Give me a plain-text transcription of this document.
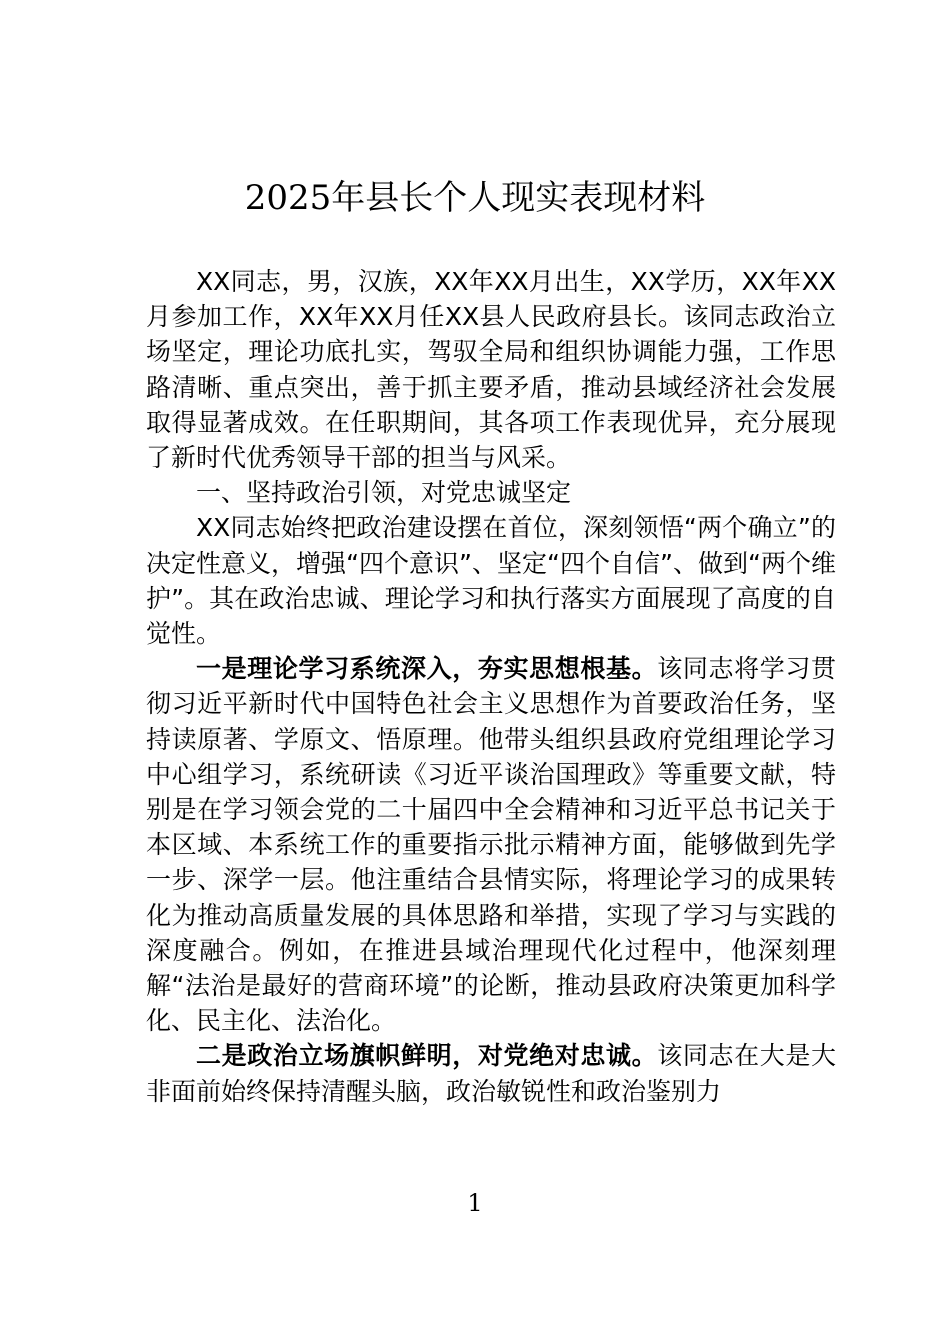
2025年县长个人现实表现材料

XX同志，男，汉族，XX年XX月出生，XX学历，XX年XX月参加工作，XX年XX月任XX县人民政府县长。该同志政治立场坚定，理论功底扎实，驾驭全局和组织协调能力强，工作思路清晰、重点突出，善于抓主要矛盾，推动县域经济社会发展取得显著成效。在任职期间，其各项工作表现优异，充分展现了新时代优秀领导干部的担当与风采。

一、坚持政治引领，对党忠诚坚定

XX同志始终把政治建设摆在首位，深刻领悟“两个确立”的决定性意义，增强“四个意识”、坚定“四个自信”、做到“两个维护”。其在政治忠诚、理论学习和执行落实方面展现了高度的自觉性。

一是理论学习系统深入，夯实思想根基。该同志将学习贯彻习近平新时代中国特色社会主义思想作为首要政治任务，坚持读原著、学原文、悟原理。他带头组织县政府党组理论学习中心组学习，系统研读《习近平谈治国理政》等重要文献，特别是在学习领会党的二十届四中全会精神和习近平总书记关于本区域、本系统工作的重要指示批示精神方面，能够做到先学一步、深学一层。他注重结合县情实际，将理论学习的成果转化为推动高质量发展的具体思路和举措，实现了学习与实践的深度融合。例如，在推进县域治理现代化过程中，他深刻理解“法治是最好的营商环境”的论断，推动县政府决策更加科学化、民主化、法治化。

二是政治立场旗帜鲜明，对党绝对忠诚。该同志在大是大非面前始终保持清醒头脑，政治敏锐性和政治鉴别力

1
